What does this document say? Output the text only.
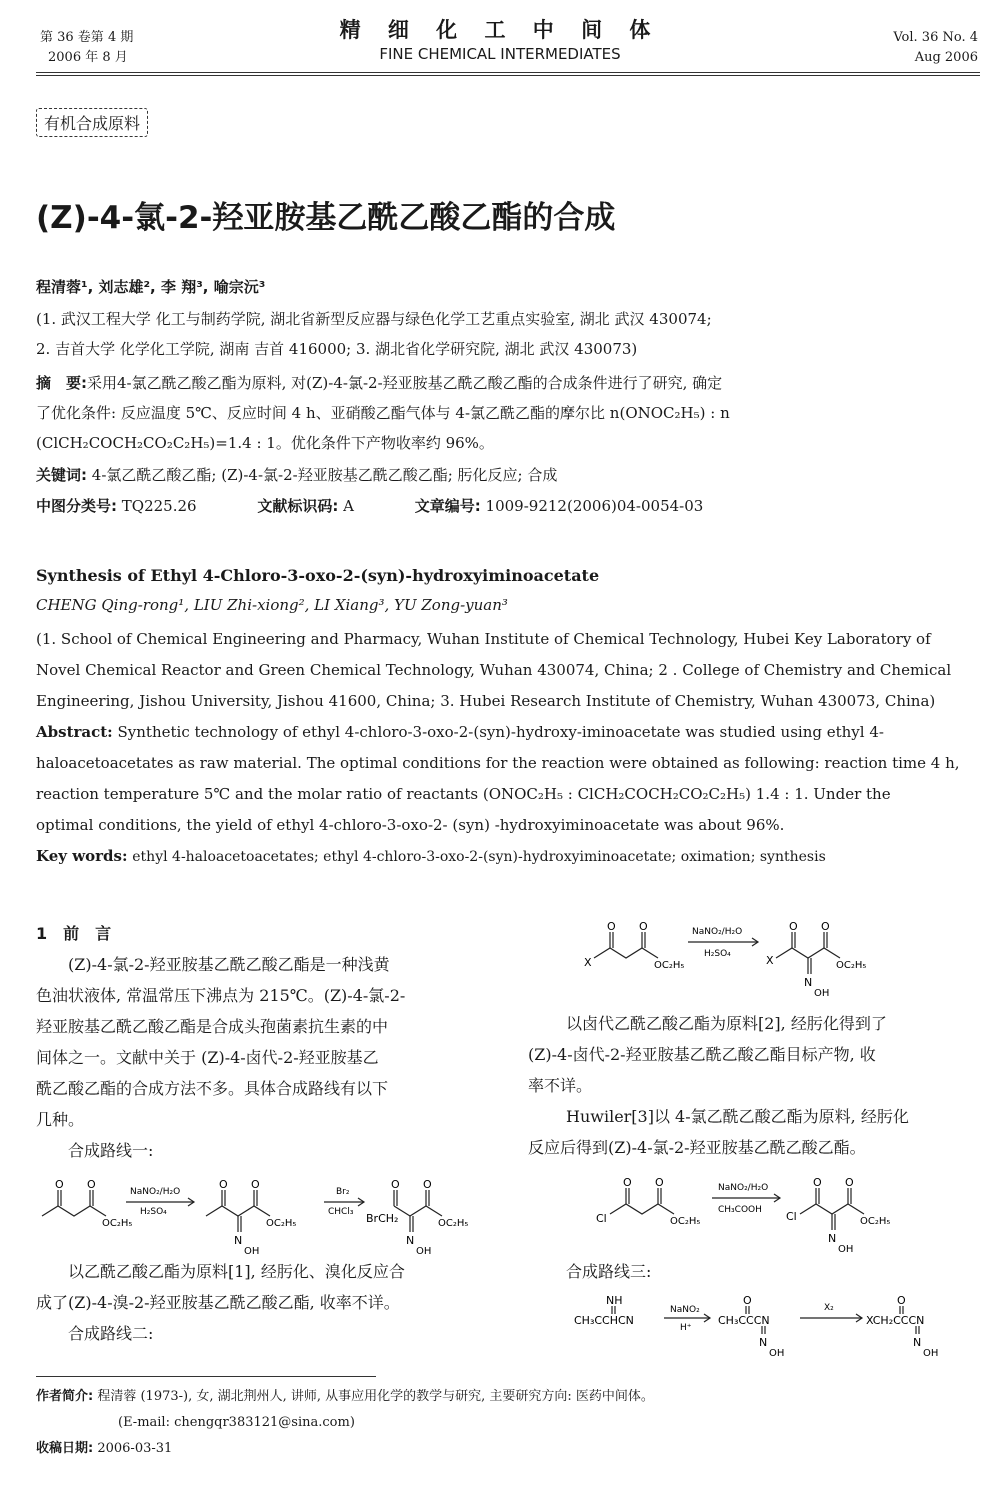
第 36 卷第 4 期
2006 年 8 月
精 细 化 工 中 间 体
FINE CHEMICAL INTERMEDIATES
Vol. 36 No. 4
Aug 2006
有机合成原料
(Z)-4-氯-2-羟亚胺基乙酰乙酸乙酯的合成
程清蓉¹, 刘志雄², 李 翔³, 喻宗沅³
(1. 武汉工程大学 化工与制药学院, 湖北省新型反应器与绿色化学工艺重点实验室, 湖北 武汉 430074;
2. 吉首大学 化学化工学院, 湖南 吉首 416000; 3. 湖北省化学研究院, 湖北 武汉 430073)
摘　要:采用4-氯乙酰乙酸乙酯为原料, 对(Z)-4-氯-2-羟亚胺基乙酰乙酸乙酯的合成条件进行了研究, 确定
了优化条件: 反应温度 5℃、反应时间 4 h、亚硝酸乙酯气体与 4-氯乙酰乙酯的摩尔比 n(ONOC₂H₅) : n
(ClCH₂COCH₂CO₂C₂H₅)=1.4 : 1。优化条件下产物收率约 96%。
关键词: 4-氯乙酰乙酸乙酯; (Z)-4-氯-2-羟亚胺基乙酰乙酸乙酯; 肟化反应; 合成
中图分类号: TQ225.26	文献标识码: A	文章编号: 1009-9212(2006)04-0054-03
Synthesis of Ethyl 4-Chloro-3-oxo-2-(syn)-hydroxyiminoacetate
CHENG Qing-rong¹, LIU Zhi-xiong², LI Xiang³, YU Zong-yuan³
(1. School of Chemical Engineering and Pharmacy, Wuhan Institute of Chemical Technology, Hubei Key Laboratory of
Novel Chemical Reactor and Green Chemical Technology, Wuhan 430074, China; 2 . College of Chemistry and Chemical
Engineering, Jishou University, Jishou 41600, China; 3. Hubei Research Institute of Chemistry, Wuhan 430073, China)
Abstract: Synthetic technology of ethyl 4-chloro-3-oxo-2-(syn)-hydroxy-iminoacetate was studied using ethyl 4-
haloacetoacetates as raw material. The optimal conditions for the reaction were obtained as following: reaction time 4 h,
reaction temperature 5℃ and the molar ratio of reactants (ONOC₂H₅ : ClCH₂COCH₂CO₂C₂H₅) 1.4 : 1. Under the
optimal conditions, the yield of ethyl 4-chloro-3-oxo-2- (syn) -hydroxyiminoacetate was about 96%.
Key words: ethyl 4-haloacetoacetates; ethyl 4-chloro-3-oxo-2-(syn)-hydroxyiminoacetate; oximation; synthesis
1　前　言
(Z)-4-氯-2-羟亚胺基乙酰乙酸乙酯是一种浅黄
色油状液体, 常温常压下沸点为 215℃。(Z)-4-氯-2-
羟亚胺基乙酰乙酸乙酯是合成头孢菌素抗生素的中
间体之一。文献中关于 (Z)-4-卤代-2-羟亚胺基乙
酰乙酸乙酯的合成方法不多。具体合成路线有以下
几种。
合成路线一:
O O
OC₂H₅
NaNO₂/H₂O
H₂SO₄
O O
OC₂H₅
N
OH
Br₂
CHCl₃ BrCH₂
O O
OC₂H₅
N
OH
以乙酰乙酸乙酯为原料[1], 经肟化、溴化反应合
成了(Z)-4-溴-2-羟亚胺基乙酰乙酸乙酯, 收率不详。
合成路线二:
X
O O
OC₂H₅
NaNO₂/H₂O
H₂SO₄	X
O O
OC₂H₅
N
OH
以卤代乙酰乙酸乙酯为原料[2], 经肟化得到了
(Z)-4-卤代-2-羟亚胺基乙酰乙酸乙酯目标产物, 收
率不详。
Huwiler[3]以 4-氯乙酰乙酸乙酯为原料, 经肟化
反应后得到(Z)-4-氯-2-羟亚胺基乙酰乙酸乙酯。
Cl
O O
OC₂H₅
NaNO₂/H₂O
CH₃COOH Cl
O O
OC₂H₅
N
OH
合成路线三:
NH
CH₃CCHCN
NaNO₂
H⁺
O
CH₃CCCN
N
OH
X₂
O
XCH₂CCCN
N
OH
作者简介: 程清蓉 (1973-), 女, 湖北荆州人, 讲师, 从事应用化学的教学与研究, 主要研究方向: 医药中间体。
(E-mail: chengqr383121@sina.com)
收稿日期: 2006-03-31
